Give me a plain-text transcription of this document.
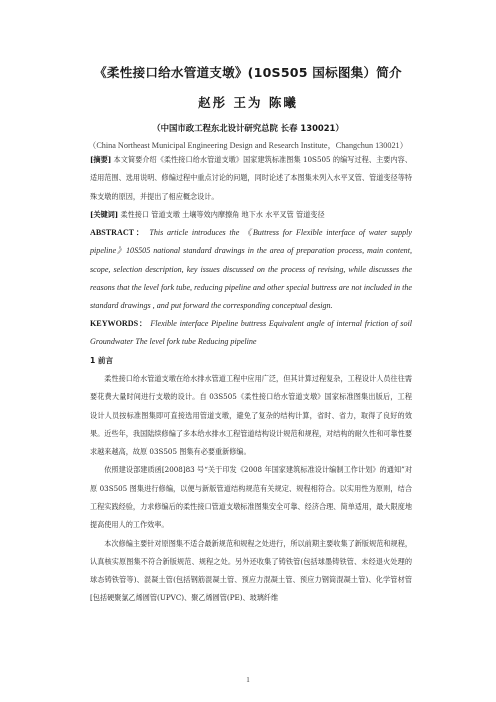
《柔性接口给水管道支墩》(10S505 国标图集）简介
赵彤 王为 陈曦
（中国市政工程东北设计研究总院 长春 130021）
（China Northeast Municipal Engineering Design and Research Institute，Changchun 130021）

[摘要] 本文简要介绍《柔性接口给水管道支墩》国家建筑标准图集 10S505 的编写过程、主要内容、适用范围、选用说明、修编过程中重点讨论的问题，同时论述了本图集未列入水平叉管、管道变径等特殊支墩的原因，并提出了相应概念设计。

[关键词] 柔性接口 管道支墩 土壤等效内摩擦角 地下水 水平叉管 管道变径

ABSTRACT： This article introduces the 《Buttress for Flexible interface of water supply pipeline》10S505 national standard drawings in the area of preparation process, main content, scope, selection description, key issues discussed on the process of revising, while discusses the reasons that the level fork tube, reducing pipeline and other special buttress are not included in the standard drawings , and put forward the corresponding conceptual design.

KEYWORDS： Flexible interface Pipeline buttress Equivalent angle of internal friction of soil Groundwater The level fork tube Reducing pipeline

1 前言

柔性接口给水管道支墩在给水排水管道工程中应用广泛，但其计算过程复杂，工程设计人员往往需要花费大量时间进行支墩的设计。自 03S505《柔性接口给水管道支墩》国家标准图集出版后，工程设计人员按标准图集即可直接选用管道支墩，避免了复杂的结构计算，省时、省力，取得了良好的效果。近些年，我国陆续修编了多本给水排水工程管道结构设计规范和规程，对结构的耐久性和可靠性要求越来越高，故原 03S505 图集有必要重新修编。

依照建设部建质函[2008]83 号“关于印发《2008 年国家建筑标准设计编制工作计划》的通知”对原 03S505 图集进行修编，以便与新版管道结构规范有关规定、规程相符合。以实用性为原则，结合工程实践经验，力求修编后的柔性接口管道支墩标准图集安全可靠、经济合理、简单适用，最大限度地提高使用人的工作效率。

本次修编主要针对原图集不适合最新规范和规程之处进行，所以前期主要收集了新版规范和规程，认真核实原图集不符合新版规范、规程之处。另外还收集了铸铁管(包括球墨铸铁管、未经退火处理的球态铸铁管等)、混凝土管(包括钢筋混凝土管、预应力混凝土管、预应力钢筒混凝土管)、化学管材管[包括硬聚氯乙烯圆管(UPVC)、聚乙烯圆管(PE)、玻璃纤维

1
